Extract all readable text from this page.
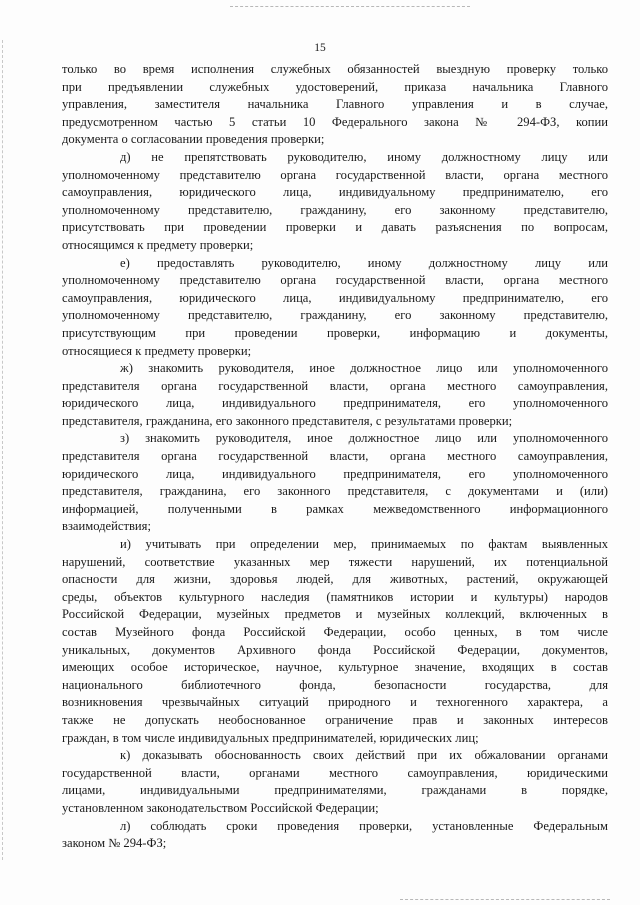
15
только во время исполнения служебных обязанностей выездную проверку только
при предъявлении служебных удостоверений, приказа начальника Главного
управления, заместителя начальника Главного управления и в случае,
предусмотренном частью 5 статьи 10 Федерального закона № 294-ФЗ, копии
документа о согласовании проведения проверки;
д) не препятствовать руководителю, иному должностному лицу или
уполномоченному представителю органа государственной власти, органа местного
самоуправления, юридического лица, индивидуальному предпринимателю, его
уполномоченному представителю, гражданину, его законному представителю,
присутствовать при проведении проверки и давать разъяснения по вопросам,
относящимся к предмету проверки;
е) предоставлять руководителю, иному должностному лицу или
уполномоченному представителю органа государственной власти, органа местного
самоуправления, юридического лица, индивидуальному предпринимателю, его
уполномоченному представителю, гражданину, его законному представителю,
присутствующим при проведении проверки, информацию и документы,
относящиеся к предмету проверки;
ж) знакомить руководителя, иное должностное лицо или уполномоченного
представителя органа государственной власти, органа местного самоуправления,
юридического лица, индивидуального предпринимателя, его уполномоченного
представителя, гражданина, его законного представителя, с результатами проверки;
з) знакомить руководителя, иное должностное лицо или уполномоченного
представителя органа государственной власти, органа местного самоуправления,
юридического лица, индивидуального предпринимателя, его уполномоченного
представителя, гражданина, его законного представителя, с документами и (или)
информацией, полученными в рамках межведомственного информационного
взаимодействия;
и) учитывать при определении мер, принимаемых по фактам выявленных
нарушений, соответствие указанных мер тяжести нарушений, их потенциальной
опасности для жизни, здоровья людей, для животных, растений, окружающей
среды, объектов культурного наследия (памятников истории и культуры) народов
Российской Федерации, музейных предметов и музейных коллекций, включенных в
состав Музейного фонда Российской Федерации, особо ценных, в том числе
уникальных, документов Архивного фонда Российской Федерации, документов,
имеющих особое историческое, научное, культурное значение, входящих в состав
национального библиотечного фонда, безопасности государства, для
возникновения чрезвычайных ситуаций природного и техногенного характера, а
также не допускать необоснованное ограничение прав и законных интересов
граждан, в том числе индивидуальных предпринимателей, юридических лиц;
к) доказывать обоснованность своих действий при их обжаловании органами
государственной власти, органами местного самоуправления, юридическими
лицами, индивидуальными предпринимателями, гражданами в порядке,
установленном законодательством Российской Федерации;
л) соблюдать сроки проведения проверки, установленные Федеральным
законом № 294-ФЗ;
